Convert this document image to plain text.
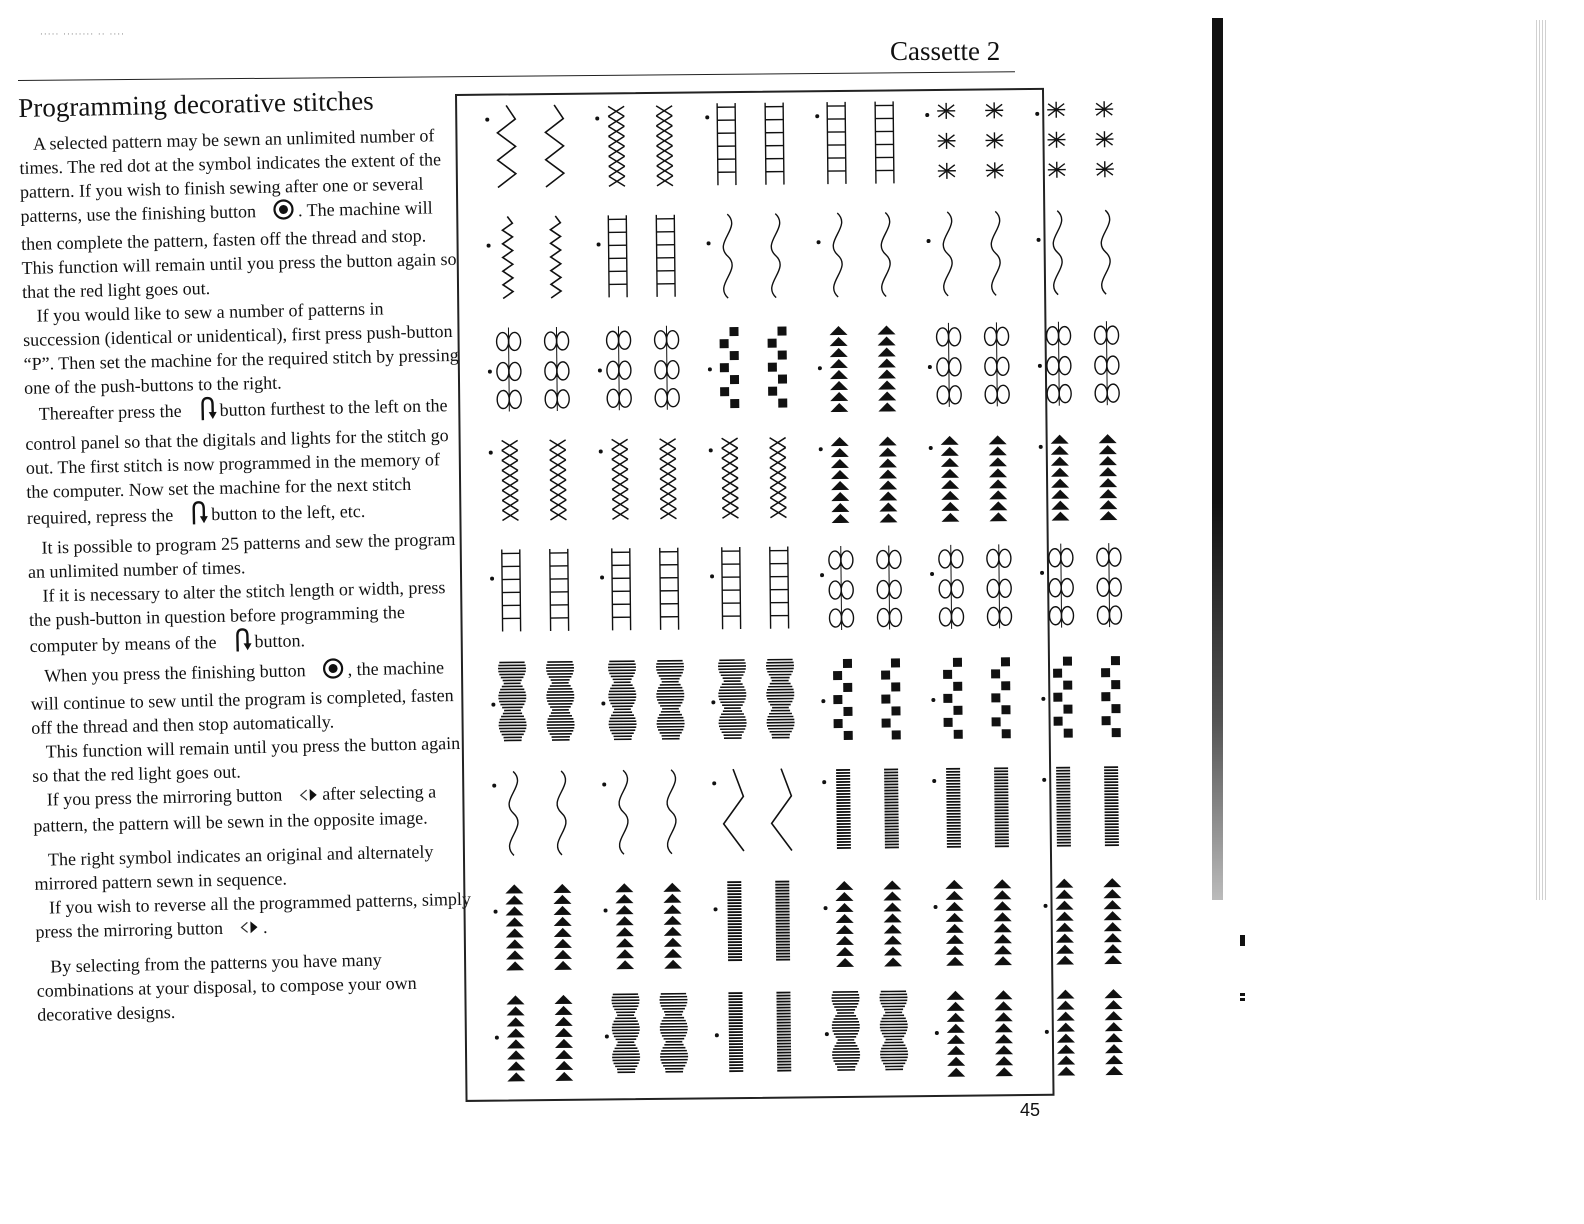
····· ········ ·· ····
Cassette 2
Programming decorative stitches

A selected pattern may be sewn an unlimited number of times. The red dot at the symbol indicates the extent of the pattern. If you wish to finish sewing after one or several patterns, use the finishing button . The machine will then complete the pattern, fasten off the thread and stop. This function will remain until you press the button again so that the red light goes out.

If you would like to sew a number of patterns in succession (identical or unidentical), first press push-button “P”. Then set the machine for the required stitch by pressing one of the push-buttons to the right.

Thereafter press the button furthest to the left on the control panel so that the digitals and lights for the stitch go out. The first stitch is now programmed in the memory of the computer. Now set the machine for the next stitch required, repress the button to the left, etc.

It is possible to program 25 patterns and sew the program an unlimited number of times.

If it is necessary to alter the stitch length or width, press the push-button in question before programming the computer by means of the button.

When you press the finishing button , the machine will continue to sew until the program is completed, fasten off the thread and then stop automatically.

This function will remain until you press the button again so that the red light goes out.

If you press the mirroring button after selecting a pattern, the pattern will be sewn in the opposite image.

The right symbol indicates an original and alternately mirrored pattern sewn in sequence.

If you wish to reverse all the programmed patterns, simply press the mirroring button .

By selecting from the patterns you have many combinations at your disposal, to compose your own decorative designs.

45
